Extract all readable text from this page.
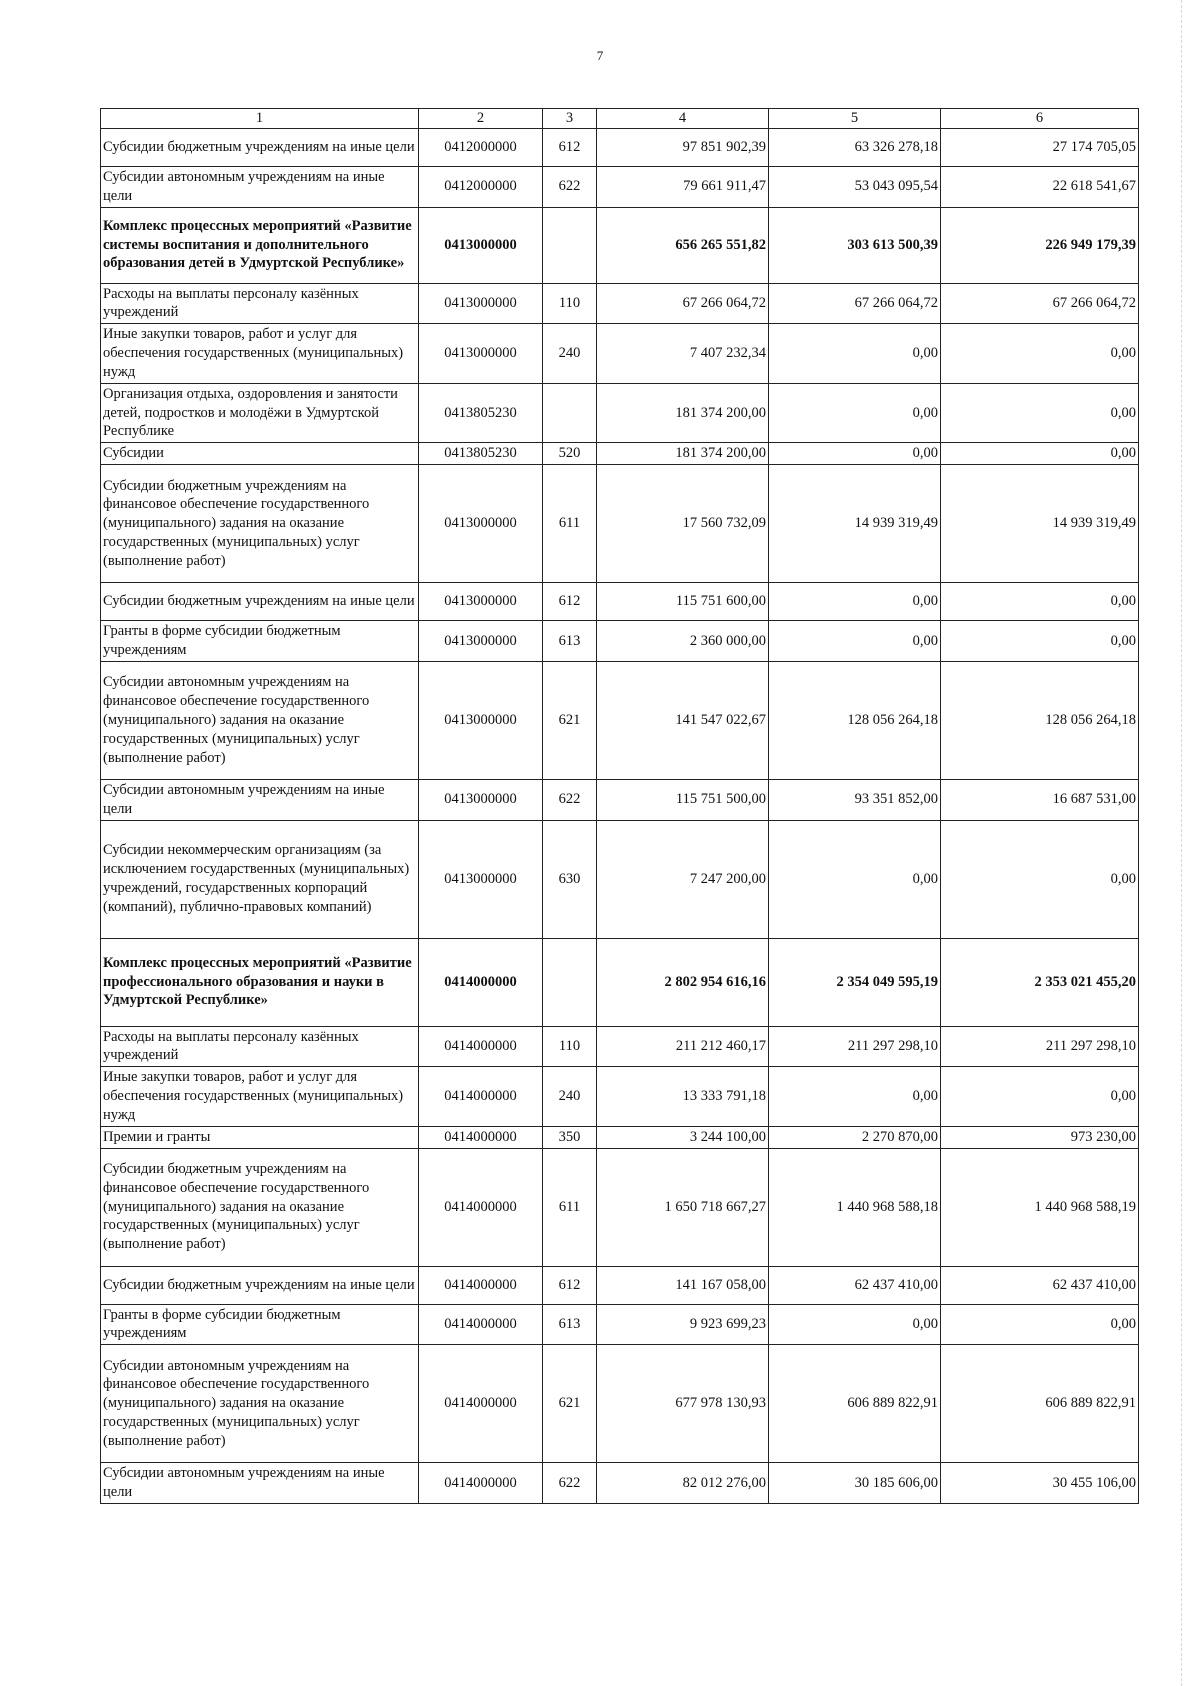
7
1	2	3	4	5	6
Субсидии бюджетным учреждениям на иные цели	0412000000	612	97 851 902,39	63 326 278,18	27 174 705,05
Субсидии автономным учреждениям на иные цели	0412000000	622	79 661 911,47	53 043 095,54	22 618 541,67
Комплекс процессных мероприятий «Развитие системы воспитания и дополнительного образования детей в Удмуртской Республике»	0413000000		656 265 551,82	303 613 500,39	226 949 179,39
Расходы на выплаты персоналу казённых учреждений	0413000000	110	67 266 064,72	67 266 064,72	67 266 064,72
Иные закупки товаров, работ и услуг для обеспечения государственных (муниципальных) нужд	0413000000	240	7 407 232,34	0,00	0,00
Организация отдыха, оздоровления и занятости детей, подростков и молодёжи в Удмуртской Республике	0413805230		181 374 200,00	0,00	0,00
Субсидии	0413805230	520	181 374 200,00	0,00	0,00
Субсидии бюджетным учреждениям на финансовое обеспечение государственного (муниципального) задания на оказание государственных (муниципальных) услуг (выполнение работ)	0413000000	611	17 560 732,09	14 939 319,49	14 939 319,49
Субсидии бюджетным учреждениям на иные цели	0413000000	612	115 751 600,00	0,00	0,00
Гранты в форме субсидии бюджетным учреждениям	0413000000	613	2 360 000,00	0,00	0,00
Субсидии автономным учреждениям на финансовое обеспечение государственного (муниципального) задания на оказание государственных (муниципальных) услуг (выполнение работ)	0413000000	621	141 547 022,67	128 056 264,18	128 056 264,18
Субсидии автономным учреждениям на иные цели	0413000000	622	115 751 500,00	93 351 852,00	16 687 531,00
Субсидии некоммерческим организациям (за исключением государственных (муниципальных) учреждений, государственных корпораций (компаний), публично-правовых компаний)	0413000000	630	7 247 200,00	0,00	0,00
Комплекс процессных мероприятий «Развитие профессионального образования и науки в Удмуртской Республике»	0414000000		2 802 954 616,16	2 354 049 595,19	2 353 021 455,20
Расходы на выплаты персоналу казённых учреждений	0414000000	110	211 212 460,17	211 297 298,10	211 297 298,10
Иные закупки товаров, работ и услуг для обеспечения государственных (муниципальных) нужд	0414000000	240	13 333 791,18	0,00	0,00
Премии и гранты	0414000000	350	3 244 100,00	2 270 870,00	973 230,00
Субсидии бюджетным учреждениям на финансовое обеспечение государственного (муниципального) задания на оказание государственных (муниципальных) услуг (выполнение работ)	0414000000	611	1 650 718 667,27	1 440 968 588,18	1 440 968 588,19
Субсидии бюджетным учреждениям на иные цели	0414000000	612	141 167 058,00	62 437 410,00	62 437 410,00
Гранты в форме субсидии бюджетным учреждениям	0414000000	613	9 923 699,23	0,00	0,00
Субсидии автономным учреждениям на финансовое обеспечение государственного (муниципального) задания на оказание государственных (муниципальных) услуг (выполнение работ)	0414000000	621	677 978 130,93	606 889 822,91	606 889 822,91
Субсидии автономным учреждениям на иные цели	0414000000	622	82 012 276,00	30 185 606,00	30 455 106,00
